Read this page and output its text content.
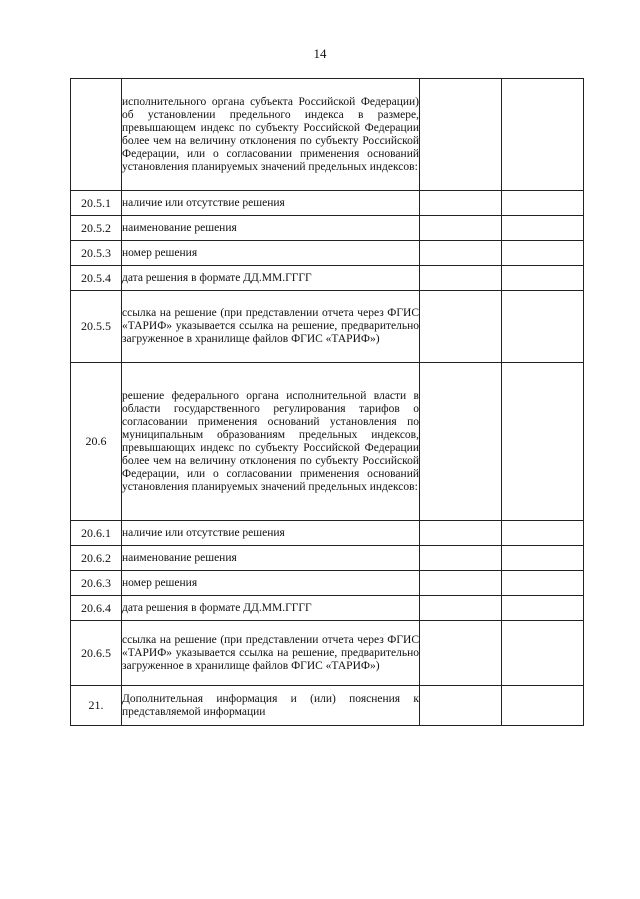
14
	исполнительного органа субъекта Российской Федерации) об установлении предельного индекса в размере, превышающем индекс по субъекту Российской Федерации более чем на величину отклонения по субъекту Российской Федерации, или о согласовании применения оснований установления планируемых значений предельных индексов:		
20.5.1	наличие или отсутствие решения		
20.5.2	наименование решения		
20.5.3	номер решения		
20.5.4	дата решения в формате ДД.ММ.ГГГГ		
20.5.5	ссылка на решение (при представлении отчета через ФГИС «ТАРИФ» указывается ссылка на решение, предварительно загруженное в хранилище файлов ФГИС «ТАРИФ»)		
20.6	решение федерального органа исполнительной власти в области государственного регулирования тарифов о согласовании применения оснований установления по муниципальным образованиям предельных индексов, превышающих индекс по субъекту Российской Федерации более чем на величину отклонения по субъекту Российской Федерации, или о согласовании применения оснований установления планируемых значений предельных индексов:		
20.6.1	наличие или отсутствие решения		
20.6.2	наименование решения		
20.6.3	номер решения		
20.6.4	дата решения в формате ДД.ММ.ГГГГ		
20.6.5	ссылка на решение (при представлении отчета через ФГИС «ТАРИФ» указывается ссылка на решение, предварительно загруженное в хранилище файлов ФГИС «ТАРИФ»)		
21.	Дополнительная информация и (или) пояснения к представляемой информации		
